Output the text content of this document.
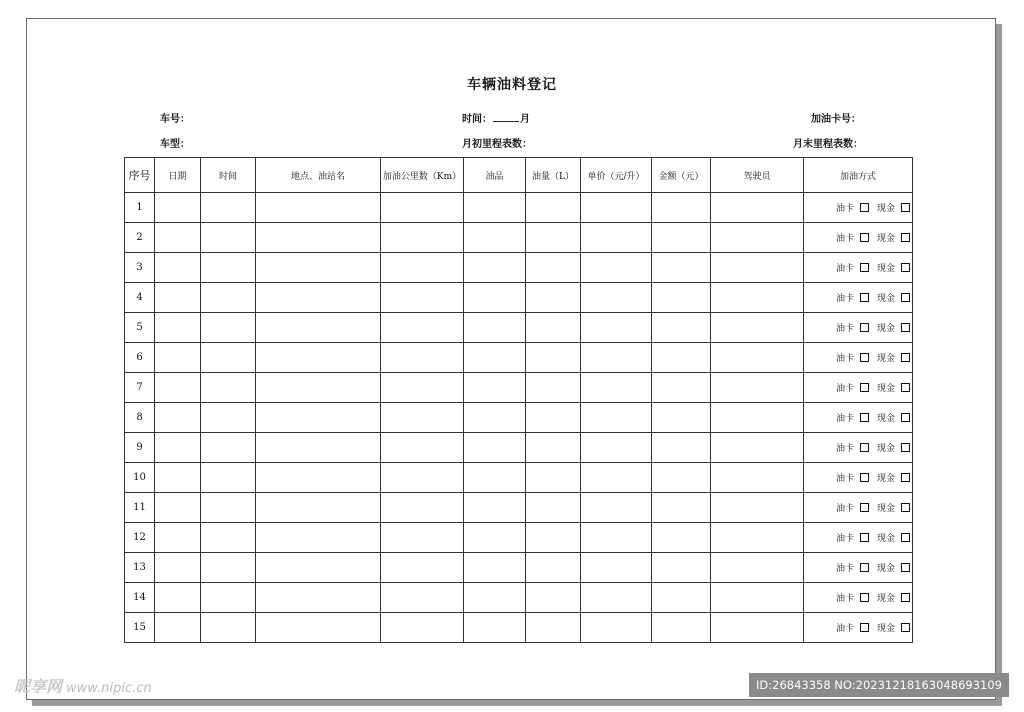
车辆油料登记
车号：	时间：	月	加油卡号：
车型：	月初里程表数：	月末里程表数：
序号	日期	时间	地点、油站名	加油公里数（Km）	油品	油量（L）	单价（元/升）	金额（元）	驾驶员	加油方式
1										油卡 现金
2										油卡 现金
3										油卡 现金
4										油卡 现金
5										油卡 现金
6										油卡 现金
7										油卡 现金
8										油卡 现金
9										油卡 现金
10										油卡 现金
11										油卡 现金
12										油卡 现金
13										油卡 现金
14										油卡 现金
15										油卡 现金
昵享网 www.nipic.cn	ID:26843358 NO:20231218163048693109
